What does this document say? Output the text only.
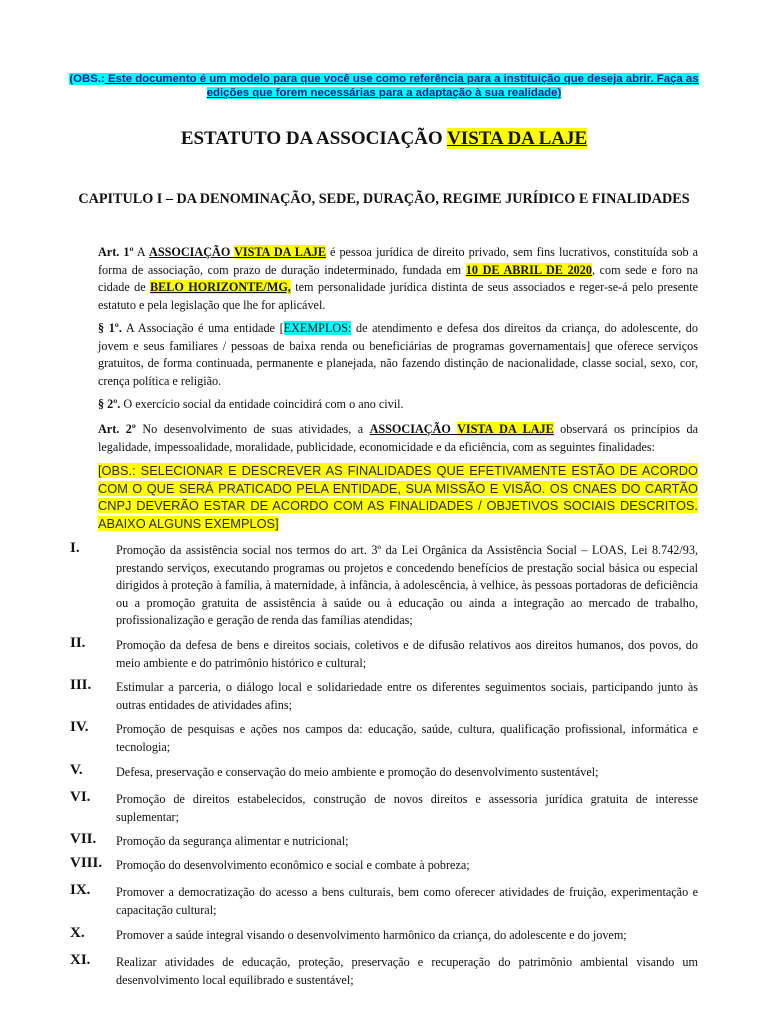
(OBS.: Este documento é um modelo para que você use como referência para a instituição que deseja abrir. Faça as edições que forem necessárias para a adaptação à sua realidade)
ESTATUTO DA ASSOCIAÇÃO VISTA DA LAJE
CAPITULO I – DA DENOMINAÇÃO, SEDE, DURAÇÃO, REGIME JURÍDICO E FINALIDADES

Art. 1º A ASSOCIAÇÃO VISTA DA LAJE é pessoa jurídica de direito privado, sem fins lucrativos, constituída sob a forma de associação, com prazo de duração indeterminado, fundada em 10 DE ABRIL DE 2020, com sede e foro na cidade de BELO HORIZONTE/MG, tem personalidade jurídica distinta de seus associados e reger-se-á pelo presente estatuto e pela legislação que lhe for aplicável.

§ 1º. A Associação é uma entidade [EXEMPLOS: de atendimento e defesa dos direitos da criança, do adolescente, do jovem e seus familiares / pessoas de baixa renda ou beneficiárias de programas governamentais] que oferece serviços gratuitos, de forma continuada, permanente e planejada, não fazendo distinção de nacionalidade, classe social, sexo, cor, crença política e religião.

§ 2º. O exercício social da entidade coincidirá com o ano civil.

Art. 2º No desenvolvimento de suas atividades, a ASSOCIAÇÃO VISTA DA LAJE observará os princípios da legalidade, impessoalidade, moralidade, publicidade, economicidade e da eficiência, com as seguintes finalidades:

[OBS.: SELECIONAR E DESCREVER AS FINALIDADES QUE EFETIVAMENTE ESTÃO DE ACORDO COM O QUE SERÁ PRATICADO PELA ENTIDADE, SUA MISSÃO E VISÃO. OS CNAES DO CARTÃO CNPJ DEVERÃO ESTAR DE ACORDO COM AS FINALIDADES / OBJETIVOS SOCIAIS DESCRITOS. ABAIXO ALGUNS EXEMPLOS]
I.	Promoção da assistência social nos termos do art. 3º da Lei Orgânica da Assistência Social – LOAS, Lei 8.742/93, prestando serviços, executando programas ou projetos e concedendo benefícios de prestação social básica ou especial dirigidos à proteção à família, à maternidade, à infância, à adolescência, à velhice, às pessoas portadoras de deficiência ou a promoção gratuita de assistência à saúde ou à educação ou ainda a integração ao mercado de trabalho, profissionalização e geração de renda das famílias atendidas;
II.	Promoção da defesa de bens e direitos sociais, coletivos e de difusão relativos aos direitos humanos, dos povos, do meio ambiente e do patrimônio histórico e cultural;
III. Estimular a parceria, o diálogo local e solidariedade entre os diferentes seguimentos sociais, participando junto às outras entidades de atividades afins;
IV. Promoção de pesquisas e ações nos campos da: educação, saúde, cultura, qualificação profissional, informática e tecnologia;
V.	Defesa, preservação e conservação do meio ambiente e promoção do desenvolvimento sustentável;
VI. Promoção de direitos estabelecidos, construção de novos direitos e assessoria jurídica gratuita de interesse suplementar;
VII. Promoção da segurança alimentar e nutricional;
VIII. Promoção do desenvolvimento econômico e social e combate à pobreza;
IX. Promover a democratização do acesso a bens culturais, bem como oferecer atividades de fruição, experimentação e capacitação cultural;
X.	Promover a saúde integral visando o desenvolvimento harmônico da criança, do adolescente e do jovem;
XI. Realizar atividades de educação, proteção, preservação e recuperação do patrimônio ambiental visando um desenvolvimento local equilibrado e sustentável;
